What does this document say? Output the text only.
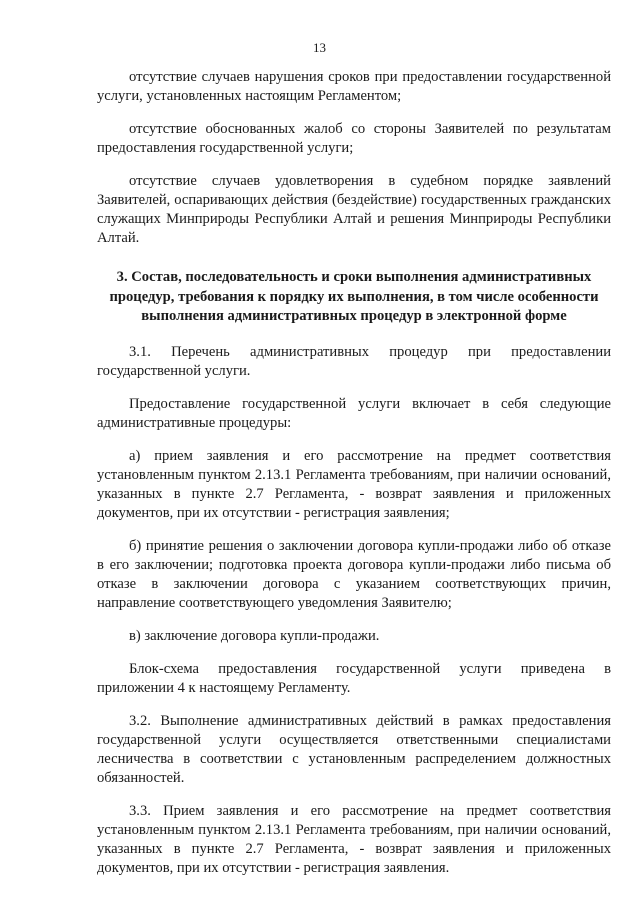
13

отсутствие случаев нарушения сроков при предоставлении государственной услуги, установленных настоящим Регламентом;

отсутствие обоснованных жалоб со стороны Заявителей по результатам предоставления государственной услуги;

отсутствие случаев удовлетворения в судебном порядке заявлений Заявителей, оспаривающих действия (бездействие) государственных гражданских служащих Минприроды Республики Алтай и решения Минприроды Республики Алтай.

3. Состав, последовательность и сроки выполнения административных процедур, требования к порядку их выполнения, в том числе особенности выполнения административных процедур в электронной форме

3.1. Перечень административных процедур при предоставлении государственной услуги.

Предоставление государственной услуги включает в себя следующие административные процедуры:

а) прием заявления и его рассмотрение на предмет соответствия установленным пунктом 2.13.1 Регламента требованиям, при наличии оснований, указанных в пункте 2.7 Регламента, - возврат заявления и приложенных документов, при их отсутствии - регистрация заявления;

б) принятие решения о заключении договора купли-продажи либо об отказе в его заключении; подготовка проекта договора купли-продажи либо письма об отказе в заключении договора с указанием соответствующих причин, направление соответствующего уведомления Заявителю;

в) заключение договора купли-продажи.

Блок-схема предоставления государственной услуги приведена в приложении 4 к настоящему Регламенту.

3.2. Выполнение административных действий в рамках предоставления государственной услуги осуществляется ответственными специалистами лесничества в соответствии с установленным распределением должностных обязанностей.

3.3. Прием заявления и его рассмотрение на предмет соответствия установленным пунктом 2.13.1 Регламента требованиям, при наличии оснований, указанных в пункте 2.7 Регламента, - возврат заявления и приложенных документов, при их отсутствии - регистрация заявления.
